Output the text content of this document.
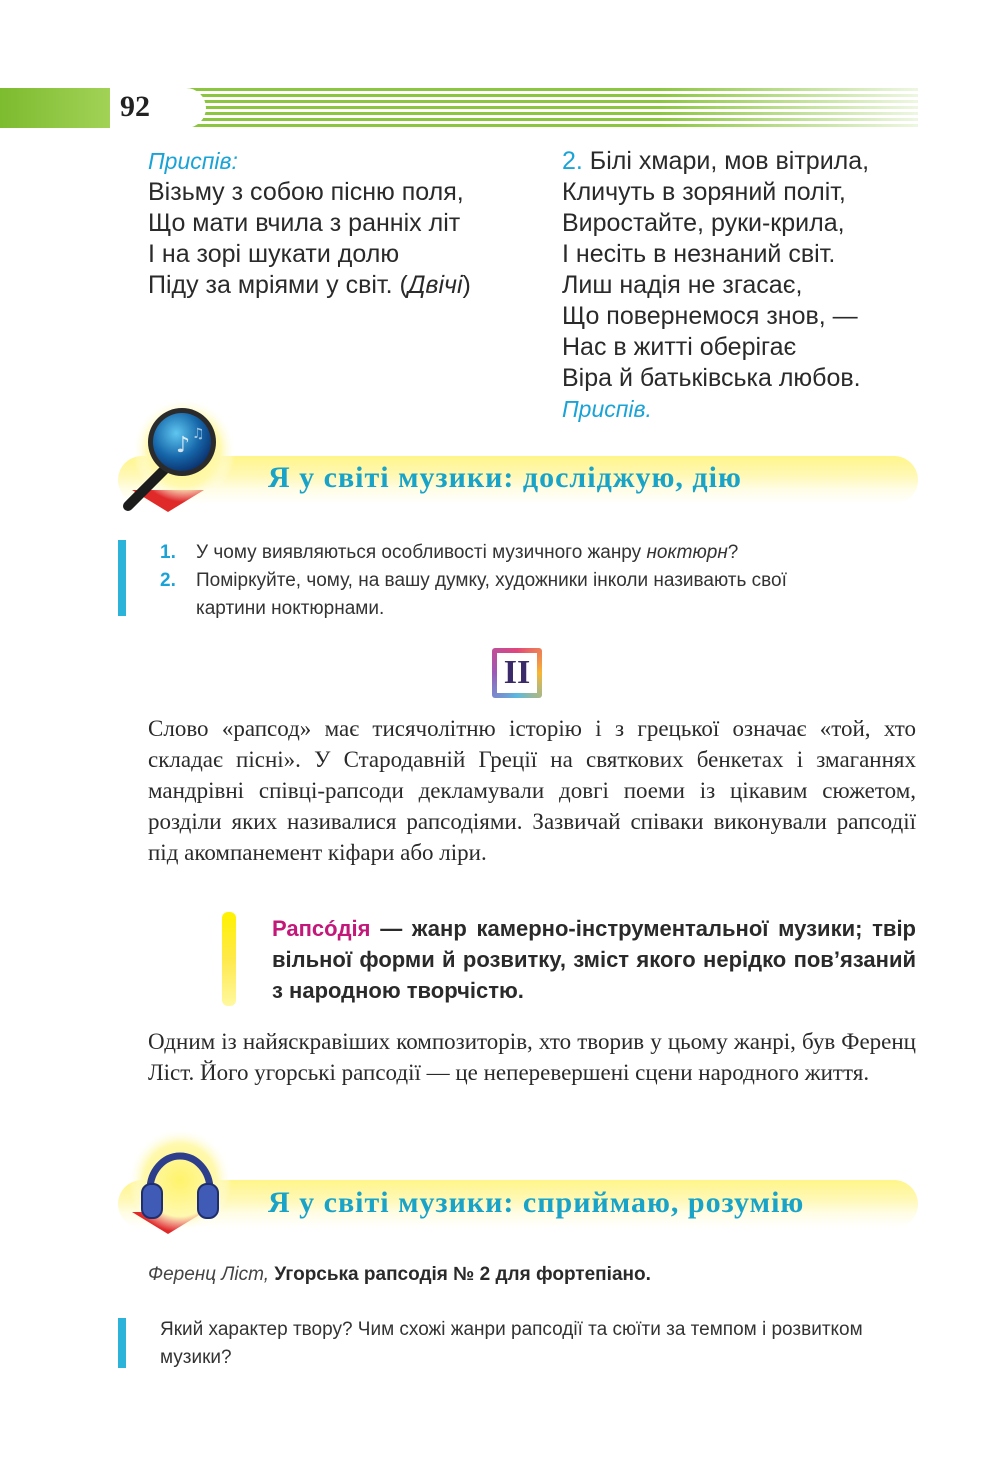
92
Приспів:
Візьму з собою пісню поля,
Що мати вчила з ранніх літ
І на зорі шукати долю
Піду за мріями у світ. (Двічі)
2. Білі хмари, мов вітрила,
Кличуть в зоряний політ,
Виростайте, руки-крила,
І несіть в незнаний світ.
Лиш надія не згасає,
Що повернемося знов, —
Нас в житті оберігає
Віра й батьківська любов.
Приспів.
♪ ♫
Я у світі музики: досліджую, дію
1. У чому виявляються особливості музичного жанру ноктюрн?
2. Поміркуйте, чому, на вашу думку, художники інколи називають свої
картини ноктюрнами.
II
Слово «рапсод» має тисячолітню історію і з грецької означає «той, хто складає пісні». У Стародавній Греції на святкових бенкетах і змаганнях мандрівні співці-рапсоди декламували довгі поеми із цікавим сюжетом, розділи яких називалися рапсодіями. Зазвичай співаки виконували рапсодії під акомпанемент кіфари або ліри.
Рапсóдія — жанр камерно-інструментальної музики; твір вільної форми й розвитку, зміст якого нерідко пов’язаний з народною творчістю.
Одним із найяскравіших композиторів, хто творив у цьому жанрі, був Ференц Ліст. Його угорські рапсодії — це неперевершені сцени народного життя.
Я у світі музики: сприймаю, розумію
Ференц Ліст, Угорська рапсодія № 2 для фортепіано.
Який характер твору? Чим схожі жанри рапсодії та сюїти за темпом і розвитком музики?
